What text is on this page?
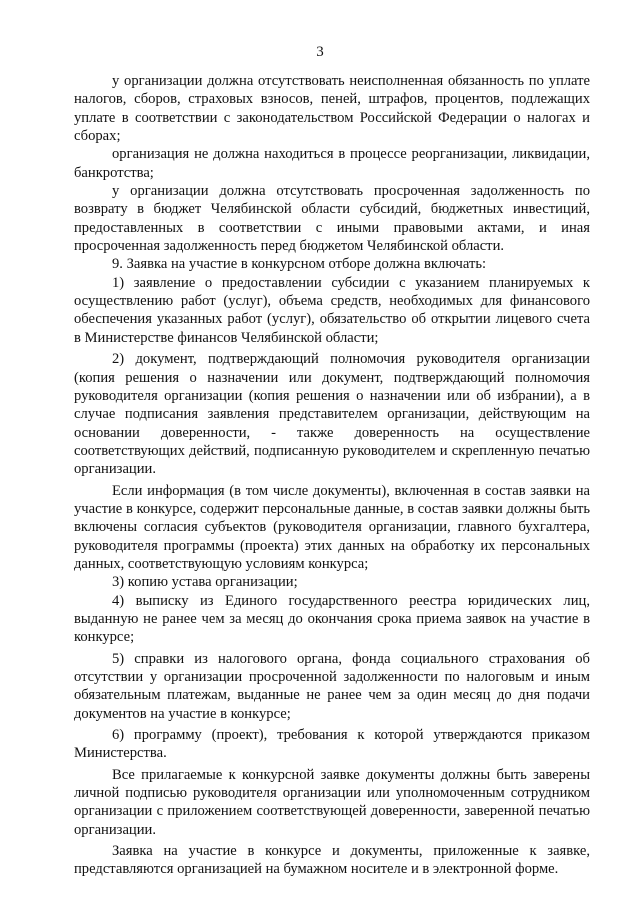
3

у организации должна отсутствовать неисполненная обязанность по уплате налогов, сборов, страховых взносов, пеней, штрафов, процентов, подлежащих уплате в соответствии с законодательством Российской Федерации о налогах и сборах;

организация не должна находиться в процессе реорганизации, ликвидации, банкротства;

у организации должна отсутствовать просроченная задолженность по возврату в бюджет Челябинской области субсидий, бюджетных инвестиций, предоставленных в соответствии с иными правовыми актами, и иная просроченная задолженность перед бюджетом Челябинской области.

9. Заявка на участие в конкурсном отборе должна включать:

1) заявление о предоставлении субсидии с указанием планируемых к осуществлению работ (услуг), объема средств, необходимых для финансового обеспечения указанных работ (услуг), обязательство об открытии лицевого счета в Министерстве финансов Челябинской области;

2) документ, подтверждающий полномочия руководителя организации (копия решения о назначении или документ, подтверждающий полномочия руководителя организации (копия решения о назначении или об избрании), а в случае подписания заявления представителем организации, действующим на основании доверенности, - также доверенность на осуществление соответствующих действий, подписанную руководителем и скрепленную печатью организации.

Если информация (в том числе документы), включенная в состав заявки на участие в конкурсе, содержит персональные данные, в состав заявки должны быть включены согласия субъектов (руководителя организации, главного бухгалтера, руководителя программы (проекта) этих данных на обработку их персональных данных, соответствующую условиям конкурса;

3) копию устава организации;

4) выписку из Единого государственного реестра юридических лиц, выданную не ранее чем за месяц до окончания срока приема заявок на участие в конкурсе;

5) справки из налогового органа, фонда социального страхования об отсутствии у организации просроченной задолженности по налоговым и иным обязательным платежам, выданные не ранее чем за один месяц до дня подачи документов на участие в конкурсе;

6) программу (проект), требования к которой утверждаются приказом Министерства.

Все прилагаемые к конкурсной заявке документы должны быть заверены личной подписью руководителя организации или уполномоченным сотрудником организации с приложением соответствующей доверенности, заверенной печатью организации.

Заявка на участие в конкурсе и документы, приложенные к заявке, представляются организацией на бумажном носителе и в электронной форме.
